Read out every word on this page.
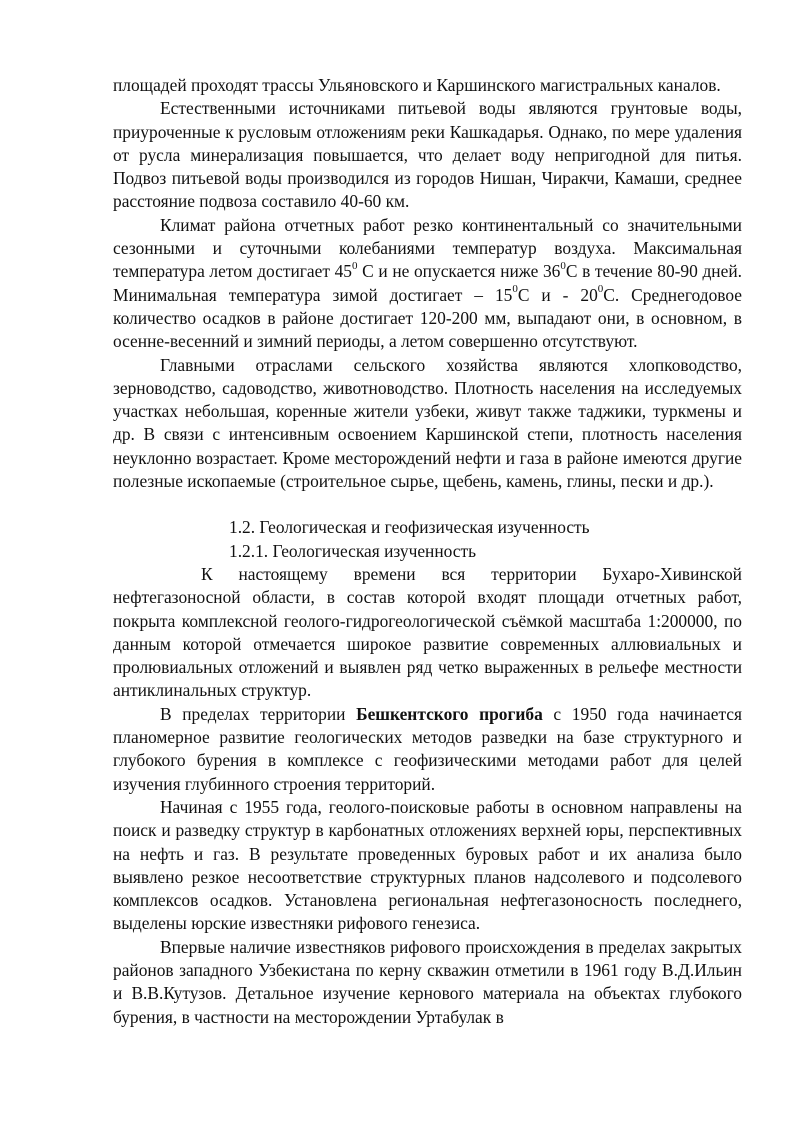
площадей проходят трассы Ульяновского и Каршинского магистральных каналов.

Естественными источниками питьевой воды являются грунтовые воды, приуроченные к русловым отложениям реки Кашкадарья. Однако, по мере удаления от русла минерализация повышается, что делает воду непригодной для питья. Подвоз питьевой воды производился из городов Нишан, Чиракчи, Камаши, среднее расстояние подвоза составило 40-60 км.

Климат района отчетных работ резко континентальный со значительными сезонными и суточными колебаниями температур воздуха. Максимальная температура летом достигает $45^0$ С и не опускается ниже $36^0С$ в течение 80-90 дней. Минимальная температура зимой достигает – $15^0С$ и - $20^0С$. Среднегодовое количество осадков в районе достигает 120-200 мм, выпадают они, в основном, в осенне-весенний и зимний периоды, а летом совершенно отсутствуют.

Главными отраслами сельского хозяйства являются хлопководство, зерноводство, садоводство, животноводство. Плотность населения на исследуемых участках небольшая, коренные жители узбеки, живут также таджики, туркмены и др. В связи с интенсивным освоением Каршинской степи, плотность населения неуклонно возрастает. Кроме месторождений нефти и газа в районе имеются другие полезные ископаемые (строительное сырье, щебень, камень, глины, пески и др.).

1.2. Геологическая и геофизическая изученность

1.2.1. Геологическая изученность

К настоящему времени вся территории Бухаро-Хивинской нефтегазоносной области, в состав которой входят площади отчетных работ, покрыта комплексной геолого-гидрогеологической съёмкой масштаба 1:200000, по данным которой отмечается широкое развитие современных аллювиальных и пролювиальных отложений и выявлен ряд четко выраженных в рельефе местности антиклинальных структур.

В пределах территории Бешкентского прогиба с 1950 года начинается планомерное развитие геологических методов разведки на базе структурного и глубокого бурения в комплексе с геофизическими методами работ для целей изучения глубинного строения территорий.

Начиная с 1955 года, геолого-поисковые работы в основном направлены на поиск и разведку структур в карбонатных отложениях верхней юры, перспективных на нефть и газ. В результате проведенных буровых работ и их анализа было выявлено резкое несоответствие структурных планов надсолевого и подсолевого комплексов осадков. Установлена региональная нефтегазоносность последнего, выделены юрские известняки рифового генезиса.

Впервые наличие известняков рифового происхождения в пределах закрытых районов западного Узбекистана по керну скважин отметили в 1961 году В.Д.Ильин и В.В.Кутузов. Детальное изучение кернового материала на объектах глубокого бурения, в частности на месторождении Уртабулак в
